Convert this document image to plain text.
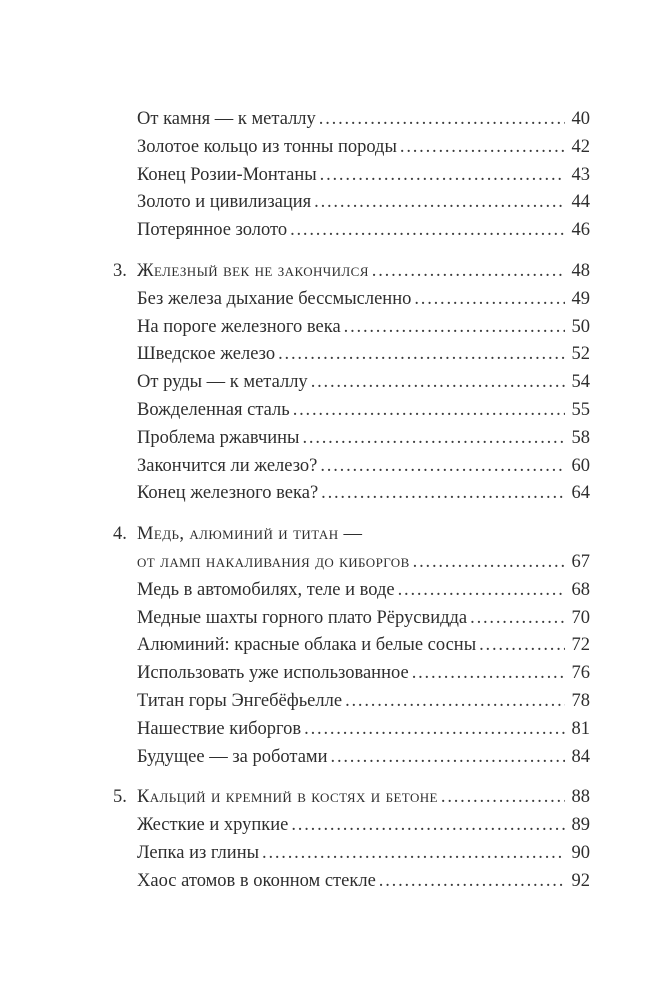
От камня — к металлу .....	40
Золотое кольцо из тонны породы .....	42
Конец Розии-Монтаны .....	43
Золото и цивилизация .....	44
Потерянное золото .....	46
3. Железный век не закончился .....	48
Без железа дыхание бессмысленно .....	49
На пороге железного века .....	50
Шведское железо .....	52
От руды — к металлу .....	54
Вожделенная сталь .....	55
Проблема ржавчины .....	58
Закончится ли железо? .....	60
Конец железного века? .....	64
4. Медь, алюминий и титан —
от ламп накаливания до киборгов .....	67
Медь в автомобилях, теле и воде .....	68
Медные шахты горного плато Рёрусвидда .....	70
Алюминий: красные облака и белые сосны .....	72
Использовать уже использованное .....	76
Титан горы Энгебёфьелле .....	78
Нашествие киборгов .....	81
Будущее — за роботами .....	84
5. Кальций и кремний в костях и бетоне .....	88
Жесткие и хрупкие .....	89
Лепка из глины .....	90
Хаос атомов в оконном стекле .....	92
